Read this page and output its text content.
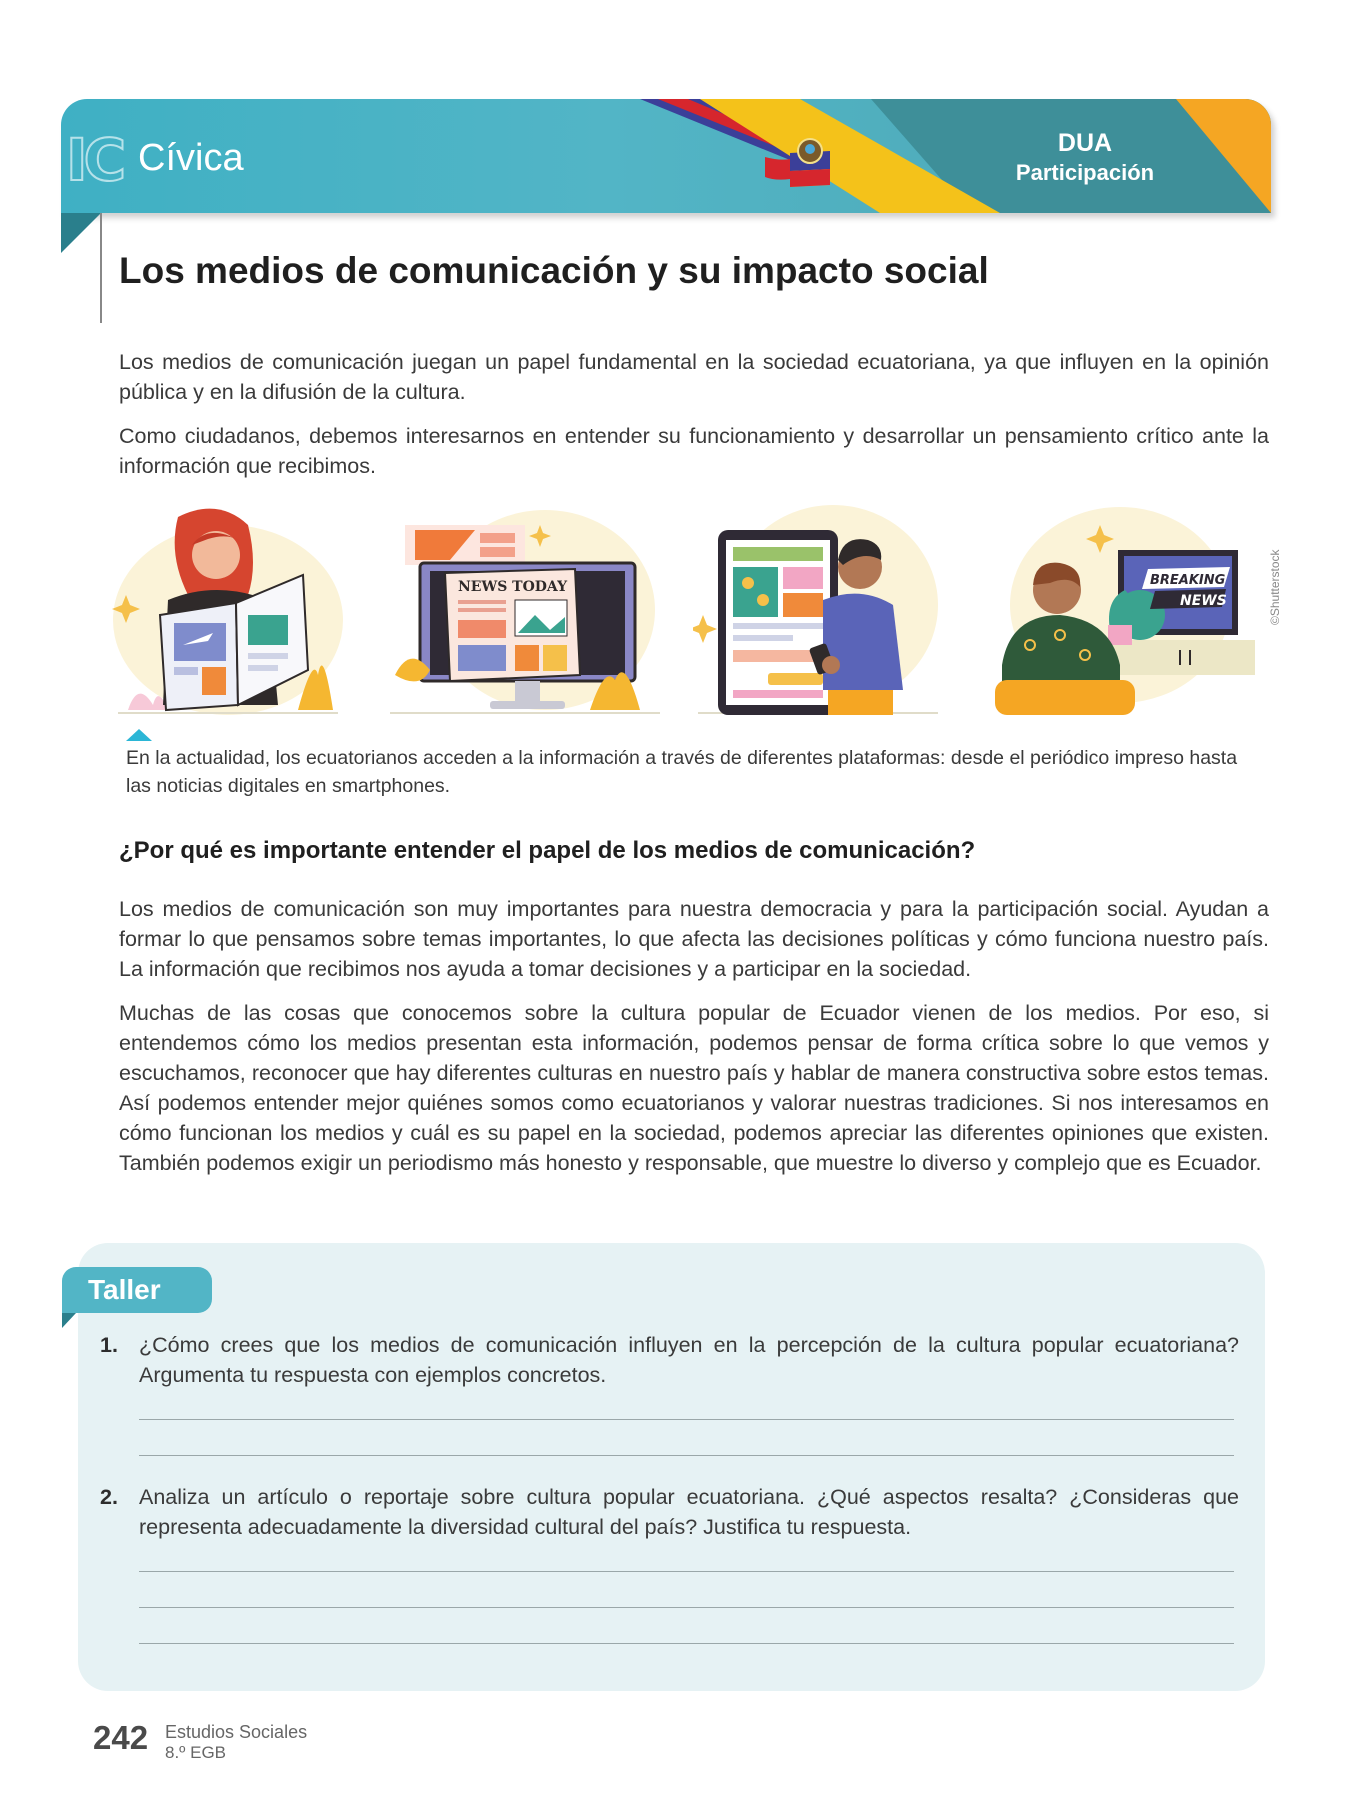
IC Cívica	DUA
Participación
Los medios de comunicación y su impacto social

Los medios de comunicación juegan un papel fundamental en la sociedad ecuatoriana, ya que influyen en la opinión pública y en la difusión de la cultura.

Como ciudadanos, debemos interesarnos en entender su funcionamiento y desarrollar un pensamiento crítico ante la información que recibimos.

NEWS TODAY	BREAKING
NEWS	©Shutterstock

En la actualidad, los ecuatorianos acceden a la información a través de diferentes plataformas: desde el periódico impreso hasta las noticias digitales en smartphones.

¿Por qué es importante entender el papel de los medios de comunicación?

Los medios de comunicación son muy importantes para nuestra democracia y para la participación social. Ayudan a formar lo que pensamos sobre temas importantes, lo que afecta las decisiones políticas y cómo funciona nuestro país. La información que recibimos nos ayuda a tomar decisiones y a participar en la sociedad.

Muchas de las cosas que conocemos sobre la cultura popular de Ecuador vienen de los medios. Por eso, si entendemos cómo los medios presentan esta información, podemos pensar de forma crítica sobre lo que vemos y escuchamos, reconocer que hay diferentes culturas en nuestro país y hablar de manera constructiva sobre estos temas. Así podemos entender mejor quiénes somos como ecuatorianos y valorar nuestras tradiciones. Si nos interesamos en cómo funcionan los medios y cuál es su papel en la sociedad, podemos apreciar las diferentes opiniones que existen. También podemos exigir un periodismo más honesto y responsable, que muestre lo diverso y complejo que es Ecuador.

Taller
1. ¿Cómo crees que los medios de comunicación influyen en la percepción de la cultura popular ecuatoriana? Argumenta tu respuesta con ejemplos concretos.
2. Analiza un artículo o reportaje sobre cultura popular ecuatoriana. ¿Qué aspectos resalta? ¿Consideras que representa adecuadamente la diversidad cultural del país? Justifica tu respuesta.
242 Estudios Sociales
8.º EGB
